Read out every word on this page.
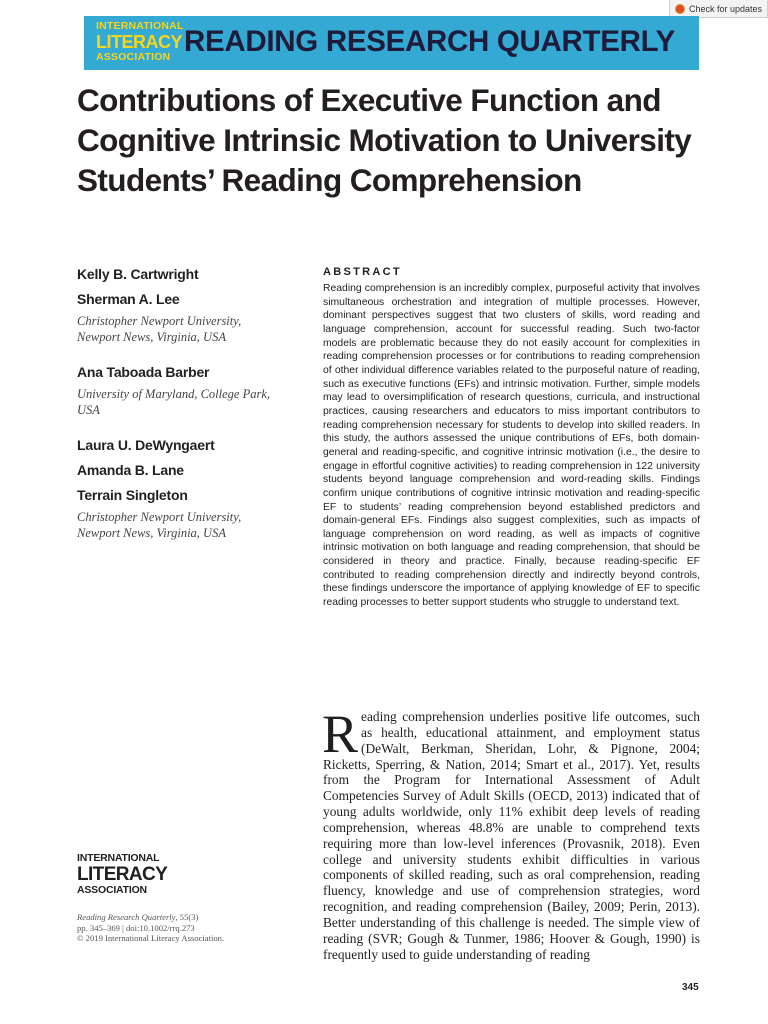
Check for updates
INTERNATIONAL
LITERACY
ASSOCIATION READING RESEARCH QUARTERLY
Contributions of Executive Function and Cognitive Intrinsic Motivation to University Students’ Reading Comprehension
Kelly B. Cartwright
Sherman A. Lee
Christopher Newport University, Newport News, Virginia, USA
Ana Taboada Barber
University of Maryland, College Park, USA
Laura U. DeWyngaert
Amanda B. Lane
Terrain Singleton
Christopher Newport University, Newport News, Virginia, USA
ABSTRACT
Reading comprehension is an incredibly complex, purposeful activity that involves simultaneous orchestration and integration of multiple processes. However, dominant perspectives suggest that two clusters of skills, word reading and language comprehension, account for successful reading. Such two-factor models are problematic because they do not easily account for complexities in reading comprehension processes or for contributions to reading comprehension of other individual difference variables related to the purposeful nature of reading, such as executive functions (EFs) and intrinsic motivation. Further, simple models may lead to oversimplification of research questions, curricula, and instructional practices, causing researchers and educators to miss important contributors to reading comprehension necessary for students to develop into skilled readers. In this study, the authors assessed the unique contributions of EFs, both domain-general and reading-specific, and cognitive intrinsic motivation (i.e., the desire to engage in effortful cognitive activities) to reading comprehension in 122 university students beyond language comprehension and word-reading skills. Findings confirm unique contributions of cognitive intrinsic motivation and reading-specific EF to students’ reading comprehension beyond established predictors and domain-general EFs. Findings also suggest complexities, such as impacts of language comprehension on word reading, as well as impacts of cognitive intrinsic motivation on both language and reading comprehension, that should be considered in theory and practice. Finally, because reading-specific EF contributed to reading comprehension directly and indirectly beyond controls, these findings underscore the importance of applying knowledge of EF to specific reading processes to better support students who struggle to understand text.
Reading comprehension underlies positive life outcomes, such as health, educational attainment, and employment status (DeWalt, Berkman, Sheridan, Lohr, & Pignone, 2004; Ricketts, Sperring, & Nation, 2014; Smart et al., 2017). Yet, results from the Program for International Assessment of Adult Competencies Survey of Adult Skills (OECD, 2013) indicated that of young adults worldwide, only 11% exhibit deep levels of reading comprehension, whereas 48.8% are unable to comprehend texts requiring more than low-level inferences (Provasnik, 2018). Even college and university students exhibit difficulties in various components of skilled reading, such as oral comprehension, reading fluency, knowledge and use of comprehension strategies, word recognition, and reading comprehension (Bailey, 2009; Perin, 2013). Better understanding of this challenge is needed. The simple view of reading (SVR; Gough & Tunmer, 1986; Hoover & Gough, 1990) is frequently used to guide understanding of reading
INTERNATIONAL
LITERACY
ASSOCIATION
Reading Research Quarterly, 55(3)
pp. 345–369 | doi:10.1002/rrq.273
© 2019 International Literacy Association.
345
